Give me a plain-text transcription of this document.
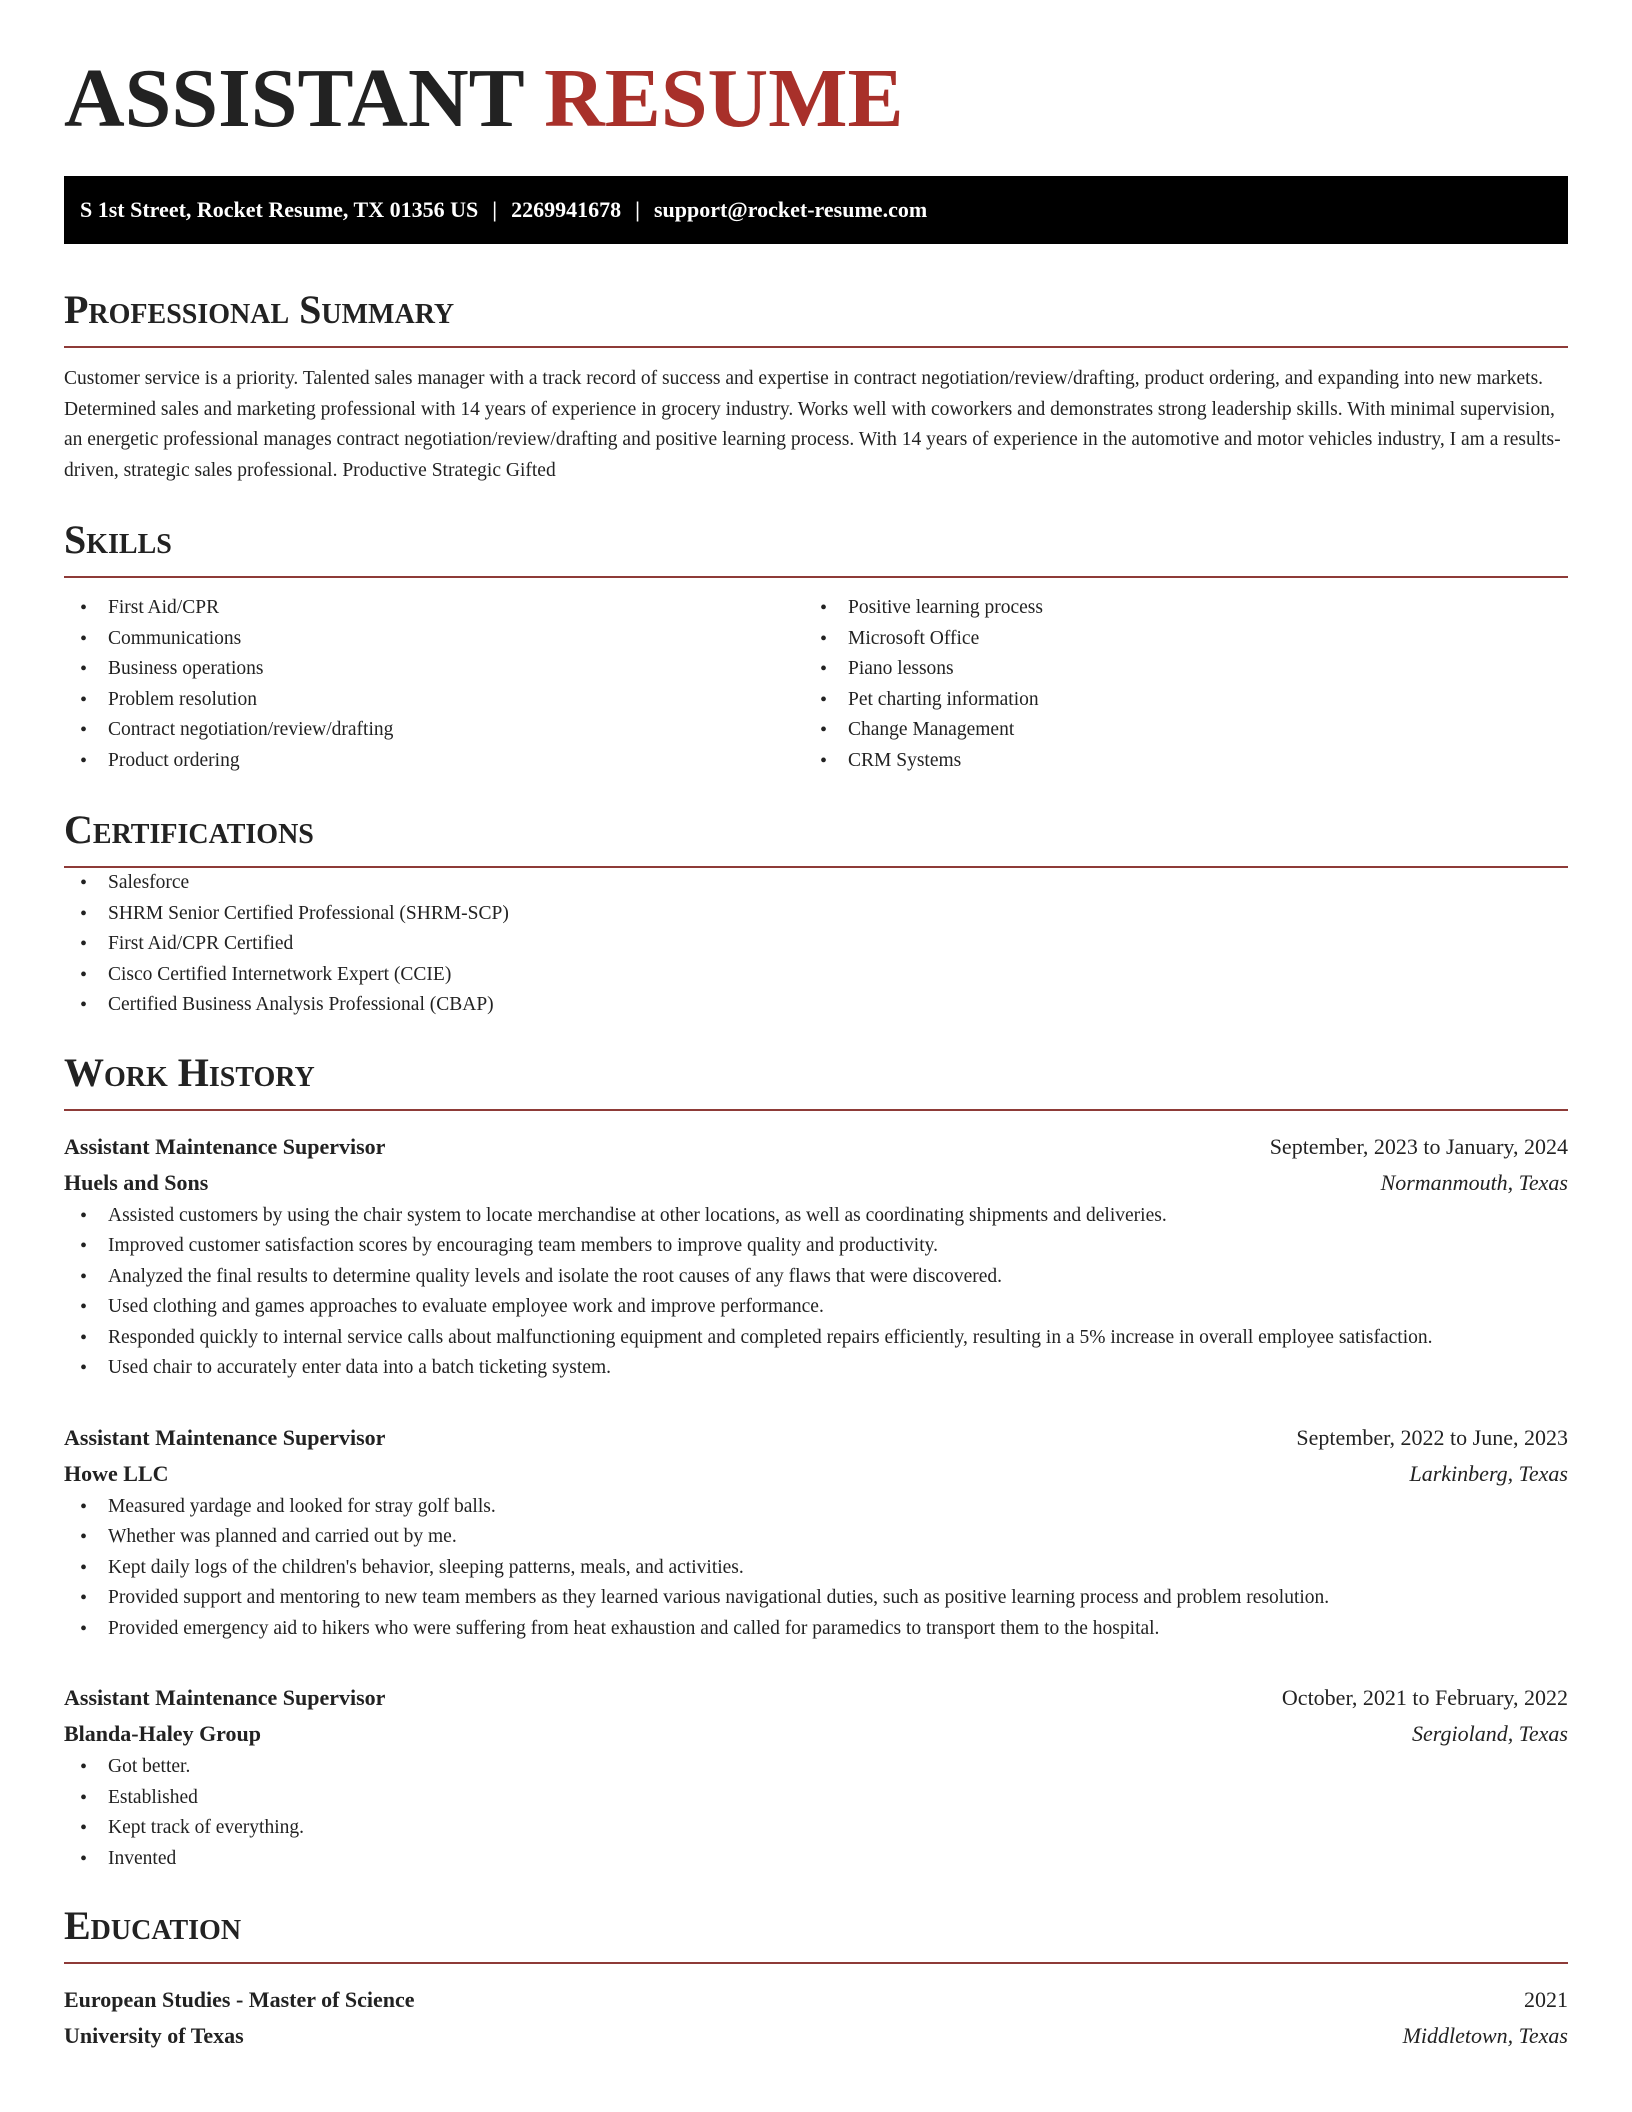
ASSISTANT RESUME
S 1st Street, Rocket Resume, TX 01356 US | 2269941678 | support@rocket-resume.com
Professional Summary

Customer service is a priority. Talented sales manager with a track record of success and expertise in contract negotiation/review/drafting, product ordering, and expanding into new markets. Determined sales and marketing professional with 14 years of experience in grocery industry. Works well with coworkers and demonstrates strong leadership skills. With minimal supervision, an energetic professional manages contract negotiation/review/drafting and positive learning process. With 14 years of experience in the automotive and motor vehicles industry, I am a results-driven, strategic sales professional. Productive Strategic Gifted

Skills
• First Aid/CPR
• Communications
• Business operations
• Problem resolution
• Contract negotiation/review/drafting
• Product ordering
• Positive learning process
• Microsoft Office
• Piano lessons
• Pet charting information
• Change Management
• CRM Systems
Certifications
• Salesforce
• SHRM Senior Certified Professional (SHRM-SCP)
• First Aid/CPR Certified
• Cisco Certified Internetwork Expert (CCIE)
• Certified Business Analysis Professional (CBAP)
Work History
Assistant Maintenance Supervisor	September, 2023 to January, 2024
Huels and Sons	Normanmouth, Texas
• Assisted customers by using the chair system to locate merchandise at other locations, as well as coordinating shipments and deliveries.
• Improved customer satisfaction scores by encouraging team members to improve quality and productivity.
• Analyzed the final results to determine quality levels and isolate the root causes of any flaws that were discovered.
• Used clothing and games approaches to evaluate employee work and improve performance.
• Responded quickly to internal service calls about malfunctioning equipment and completed repairs efficiently, resulting in a 5% increase in overall employee satisfaction.
• Used chair to accurately enter data into a batch ticketing system.
Assistant Maintenance Supervisor	September, 2022 to June, 2023
Howe LLC	Larkinberg, Texas
• Measured yardage and looked for stray golf balls.
• Whether was planned and carried out by me.
• Kept daily logs of the children's behavior, sleeping patterns, meals, and activities.
• Provided support and mentoring to new team members as they learned various navigational duties, such as positive learning process and problem resolution.
• Provided emergency aid to hikers who were suffering from heat exhaustion and called for paramedics to transport them to the hospital.
Assistant Maintenance Supervisor	October, 2021 to February, 2022
Blanda-Haley Group	Sergioland, Texas
• Got better.
• Established
• Kept track of everything.
• Invented
Education
European Studies - Master of Science	2021
University of Texas	Middletown, Texas
